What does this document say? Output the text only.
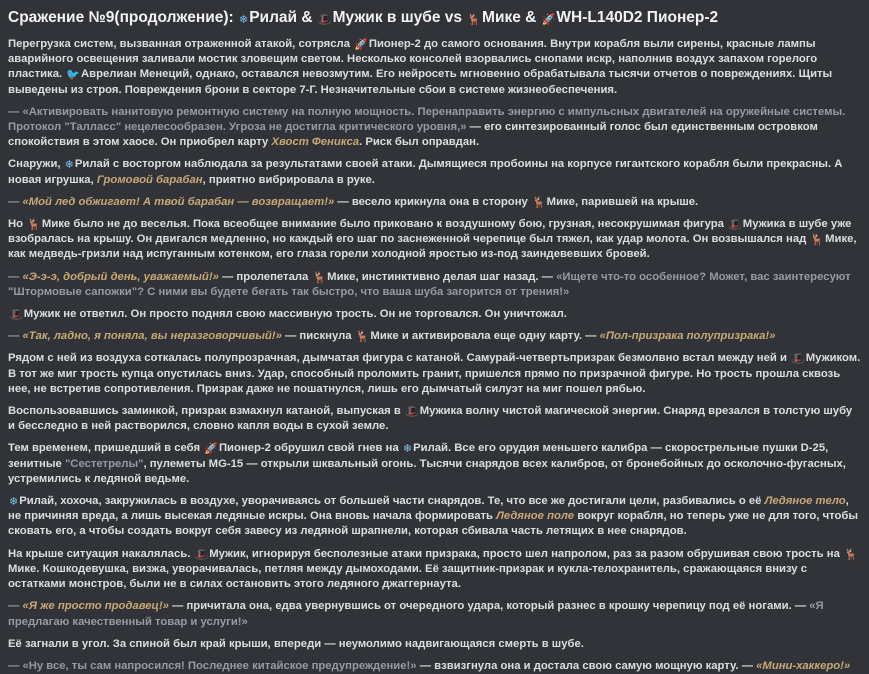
Сражение №9(продолжение): ❄Рилай & 🎩Мужик в шубе vs 🦌Мике & 🚀WH-L140D2 Пионер-2

Перегрузка систем, вызванная отраженной атакой, сотрясла 🚀Пионер-2 до самого основания. Внутри корабля выли сирены, красные лампы аварийного освещения заливали мостик зловещим светом. Несколько консолей взорвались снопами искр, наполнив воздух запахом горелого пластика. 🐦Аврелиан Менеций, однако, оставался невозмутим. Его нейросеть мгновенно обрабатывала тысячи отчетов о повреждениях. Щиты выведены из строя. Повреждения брони в секторе 7-Г. Незначительные сбои в системе жизнеобеспечения.

— «Активировать нанитовую ремонтную систему на полную мощность. Перенаправить энергию с импульсных двигателей на оружейные системы. Протокол "Талласс" нецелесообразен. Угроза не достигла критического уровня,» — его синтезированный голос был единственным островком спокойствия в этом хаосе. Он приобрел карту Хвост Феникса. Риск был оправдан.

Снаружи, ❄Рилай с восторгом наблюдала за результатами своей атаки. Дымящиеся пробоины на корпусе гигантского корабля были прекрасны. А новая игрушка, Громовой барабан, приятно вибрировала в руке.

— «Мой лед обжигает! А твой барабан — возвращает!» — весело крикнула она в сторону 🦌Мике, парившей на крыше.

Но 🦌Мике было не до веселья. Пока всеобщее внимание было приковано к воздушному бою, грузная, несокрушимая фигура 🎩Мужика в шубе уже взобралась на крышу. Он двигался медленно, но каждый его шаг по заснеженной черепице был тяжел, как удар молота. Он возвышался над 🦌Мике, как медведь-гризли над испуганным котенком, его глаза горели холодной яростью из-под заиндевевших бровей.

— «Э-э-э, добрый день, уважаемый!» — пролепетала 🦌Мике, инстинктивно делая шаг назад. — «Ищете что-то особенное? Может, вас заинтересуют "Штормовые сапожки"? С ними вы будете бегать так быстро, что ваша шуба загорится от трения!»

🎩Мужик не ответил. Он просто поднял свою массивную трость. Он не торговался. Он уничтожал.

— «Так, ладно, я поняла, вы неразговорчивый!» — пискнула 🦌Мике и активировала еще одну карту. — «Пол-призрака полупризрака!»

Рядом с ней из воздуха соткалась полупрозрачная, дымчатая фигура с катаной. Самурай-четвертьпризрак безмолвно встал между ней и 🎩Мужиком. В тот же миг трость купца опустилась вниз. Удар, способный проломить гранит, пришелся прямо по призрачной фигуре. Но трость прошла сквозь нее, не встретив сопротивления. Призрак даже не пошатнулся, лишь его дымчатый силуэт на миг пошел рябью.

Воспользовавшись заминкой, призрак взмахнул катаной, выпуская в 🎩Мужика волну чистой магической энергии. Снаряд врезался в толстую шубу и бесследно в ней растворился, словно капля воды в сухой земле.

Тем временем, пришедший в себя 🚀Пионер-2 обрушил свой гнев на ❄Рилай. Все его орудия меньшего калибра — скорострельные пушки D-25, зенитные "Сестетрелы", пулеметы MG-15 — открыли шквальный огонь. Тысячи снарядов всех калибров, от бронебойных до осколочно-фугасных, устремились к ледяной ведьме.

❄Рилай, хохоча, закружилась в воздухе, уворачиваясь от большей части снарядов. Те, что все же достигали цели, разбивались о её Ледяное тело, не причиняя вреда, а лишь высекая ледяные искры. Она вновь начала формировать Ледяное поле вокруг корабля, но теперь уже не для того, чтобы сковать его, а чтобы создать вокруг себя завесу из ледяной шрапнели, которая сбивала часть летящих в нее снарядов.

На крыше ситуация накалялась. 🎩Мужик, игнорируя бесполезные атаки призрака, просто шел напролом, раз за разом обрушивая свою трость на 🦌Мике. Кошкодевушка, визжа, уворачивалась, петляя между дымоходами. Её защитник-призрак и кукла-телохранитель, сражающаяся внизу с остатками монстров, были не в силах остановить этого ледяного джаггернаута.

— «Я же просто продавец!» — причитала она, едва увернувшись от очередного удара, который разнес в крошку черепицу под её ногами. — «Я предлагаю качественный товар и услуги!»

Её загнали в угол. За спиной был край крыши, впереди — неумолимо надвигающаяся смерть в шубе.

— «Ну все, ты сам напросился! Последнее китайское предупреждение!» — взвизгнула она и достала свою самую мощную карту. — «Мини-хаккеро!»
